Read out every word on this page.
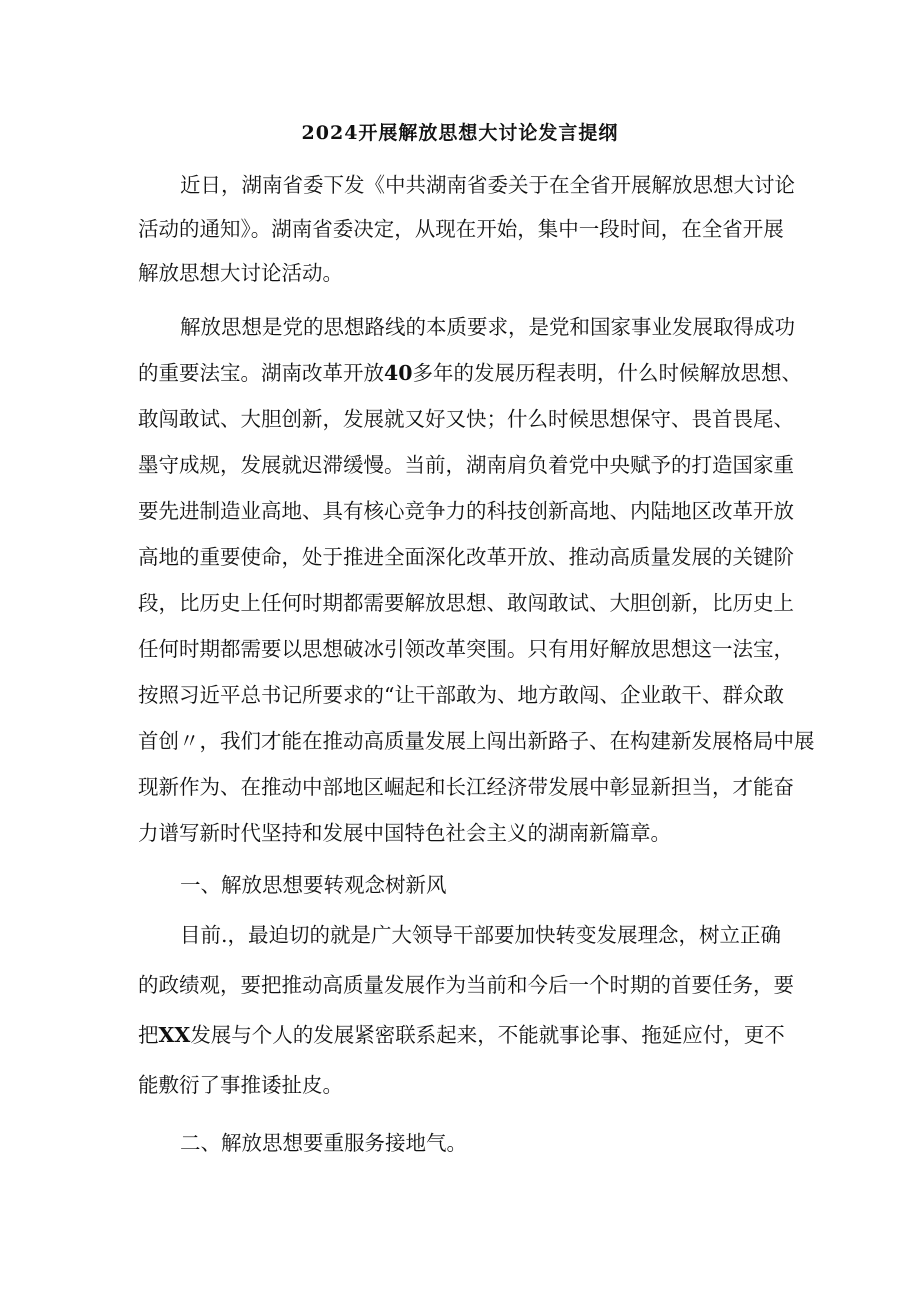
2024开展解放思想大讨论发言提纲
近日，湖南省委下发《中共湖南省委关于在全省开展解放思想大讨论
活动的通知》。湖南省委决定，从现在开始，集中一段时间，在全省开展
解放思想大讨论活动。
解放思想是党的思想路线的本质要求，是党和国家事业发展取得成功
的重要法宝。湖南改革开放40多年的发展历程表明，什么时候解放思想、
敢闯敢试、大胆创新，发展就又好又快；什么时候思想保守、畏首畏尾、
墨守成规，发展就迟滞缓慢。当前，湖南肩负着党中央赋予的打造国家重
要先进制造业高地、具有核心竞争力的科技创新高地、内陆地区改革开放
高地的重要使命，处于推进全面深化改革开放、推动高质量发展的关键阶
段，比历史上任何时期都需要解放思想、敢闯敢试、大胆创新，比历史上
任何时期都需要以思想破冰引领改革突围。只有用好解放思想这一法宝，
按照习近平总书记所要求的“让干部敢为、地方敢闯、企业敢干、群众敢
首创〃，我们才能在推动高质量发展上闯出新路子、在构建新发展格局中展
现新作为、在推动中部地区崛起和长江经济带发展中彰显新担当，才能奋
力谱写新时代坚持和发展中国特色社会主义的湖南新篇章。
一、解放思想要转观念树新风
目前.，最迫切的就是广大领导干部要加快转变发展理念，树立正确
的政绩观，要把推动高质量发展作为当前和今后一个时期的首要任务，要
把XX发展与个人的发展紧密联系起来，不能就事论事、拖延应付，更不
能敷衍了事推诿扯皮。
二、解放思想要重服务接地气。
